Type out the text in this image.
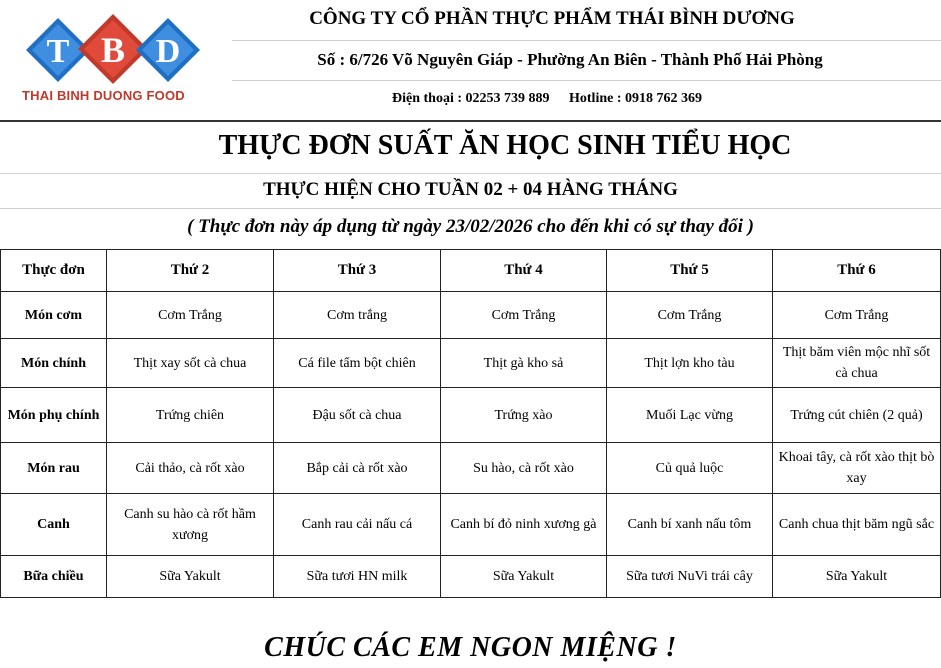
T B D
THAI BINH DUONG FOOD
CÔNG TY CỔ PHẦN THỰC PHẨM THÁI BÌNH DƯƠNG
Số : 6/726 Võ Nguyên Giáp - Phường An Biên - Thành Phố Hải Phòng
Điện thoại : 02253 739 889 Hotline : 0918 762 369
THỰC ĐƠN SUẤT ĂN HỌC SINH TIỂU HỌC
THỰC HIỆN CHO TUẦN 02 + 04 HÀNG THÁNG
( Thực đơn này áp dụng từ ngày 23/02/2026 cho đến khi có sự thay đổi )
Thực đơn	Thứ 2	Thứ 3	Thứ 4	Thứ 5	Thứ 6
Món cơm	Cơm Trắng	Cơm trắng	Cơm Trắng	Cơm Trắng	Cơm Trắng
Món chính	Thịt xay sốt cà chua	Cá file tẩm bột chiên	Thịt gà kho sả	Thịt lợn kho tàu	Thịt băm viên mộc nhĩ sốt cà chua
Món phụ chính	Trứng chiên	Đậu sốt cà chua	Trứng xào	Muối Lạc vừng	Trứng cút chiên (2 quả)
Món rau	Cải thảo, cà rốt xào	Bắp cải cà rốt xào	Su hào, cà rốt xào	Củ quả luộc	Khoai tây, cà rốt xào thịt bò xay
Canh	Canh su hào cà rốt hầm xương	Canh rau cải nấu cá	Canh bí đỏ ninh xương gà	Canh bí xanh nấu tôm	Canh chua thịt băm ngũ sắc
Bữa chiều	Sữa Yakult	Sữa tươi HN milk	Sữa Yakult	Sữa tươi NuVi trái cây	Sữa Yakult
CHÚC CÁC EM NGON MIỆNG !
